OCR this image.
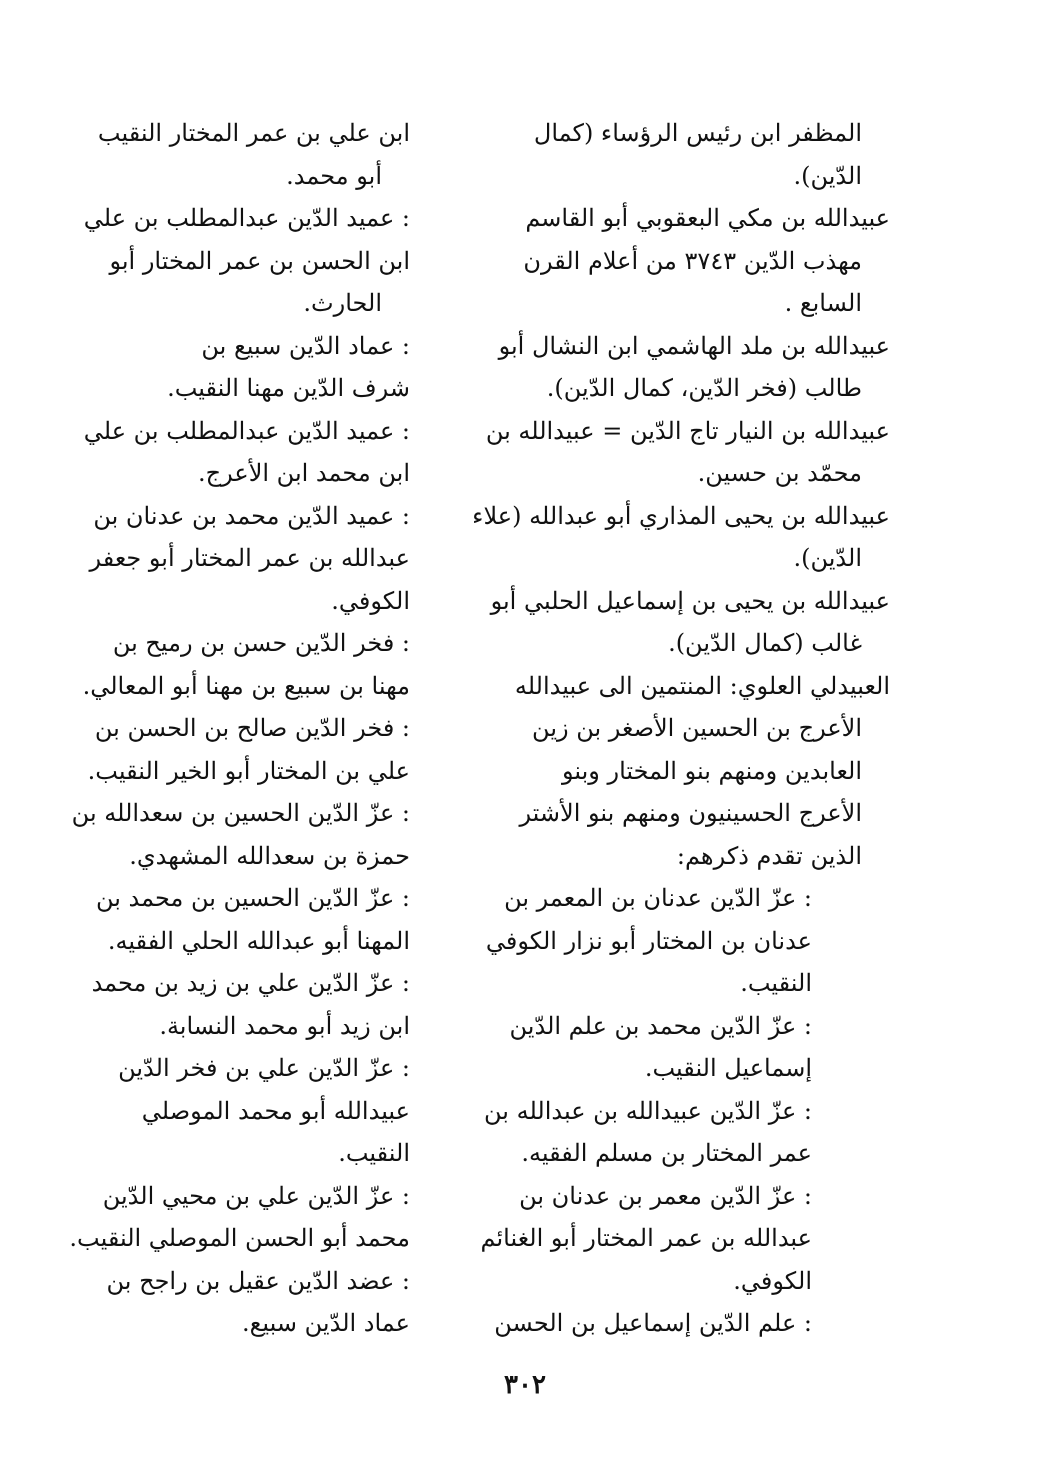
المظفر ابن رئيس الرؤساء (كمال
الدّين).
عبيدالله بن مكي البعقوبي أبو القاسم
مهذب الدّين ٣٧٤٣ من أعلام القرن
السابع .
عبيدالله بن ملد الهاشمي ابن النشال أبو
طالب (فخر الدّين، كمال الدّين).
عبيدالله بن النيار تاج الدّين = عبيدالله بن
محمّد بن حسين.
عبيدالله بن يحيى المذاري أبو عبدالله (علاء
الدّين).
عبيدالله بن يحيى بن إسماعيل الحلبي أبو
غالب (كمال الدّين).
العبيدلي العلوي: المنتمين الى عبيدالله
الأعرج بن الحسين الأصغر بن زين
العابدين ومنهم بنو المختار وبنو
الأعرج الحسينيون ومنهم بنو الأشتر
الذين تقدم ذكرهم:
: عزّ الدّين عدنان بن المعمر بن
عدنان بن المختار أبو نزار الكوفي
النقيب.
: عزّ الدّين محمد بن علم الدّين
إسماعيل النقيب.
: عزّ الدّين عبيدالله بن عبدالله بن
عمر المختار بن مسلم الفقيه.
: عزّ الدّين معمر بن عدنان بن
عبدالله بن عمر المختار أبو الغنائم
الكوفي.
: علم الدّين إسماعيل بن الحسن
ابن علي بن عمر المختار النقيب
أبو محمد.
: عميد الدّين عبدالمطلب بن علي
ابن الحسن بن عمر المختار أبو
الحارث.
: عماد الدّين سبيع بن
شرف الدّين مهنا النقيب.
: عميد الدّين عبدالمطلب بن علي
ابن محمد ابن الأعرج.
: عميد الدّين محمد بن عدنان بن
عبدالله بن عمر المختار أبو جعفر
الكوفي.
: فخر الدّين حسن بن رميح بن
مهنا بن سبيع بن مهنا أبو المعالي.
: فخر الدّين صالح بن الحسن بن
علي بن المختار أبو الخير النقيب.
: عزّ الدّين الحسين بن سعدالله بن
حمزة بن سعدالله المشهدي.
: عزّ الدّين الحسين بن محمد بن
المهنا أبو عبدالله الحلي الفقيه.
: عزّ الدّين علي بن زيد بن محمد
ابن زيد أبو محمد النسابة.
: عزّ الدّين علي بن فخر الدّين
عبيدالله أبو محمد الموصلي
النقيب.
: عزّ الدّين علي بن محيي الدّين
محمد أبو الحسن الموصلي النقيب.
: عضد الدّين عقيل بن راجح بن
عماد الدّين سبيع.
٣٠٢
